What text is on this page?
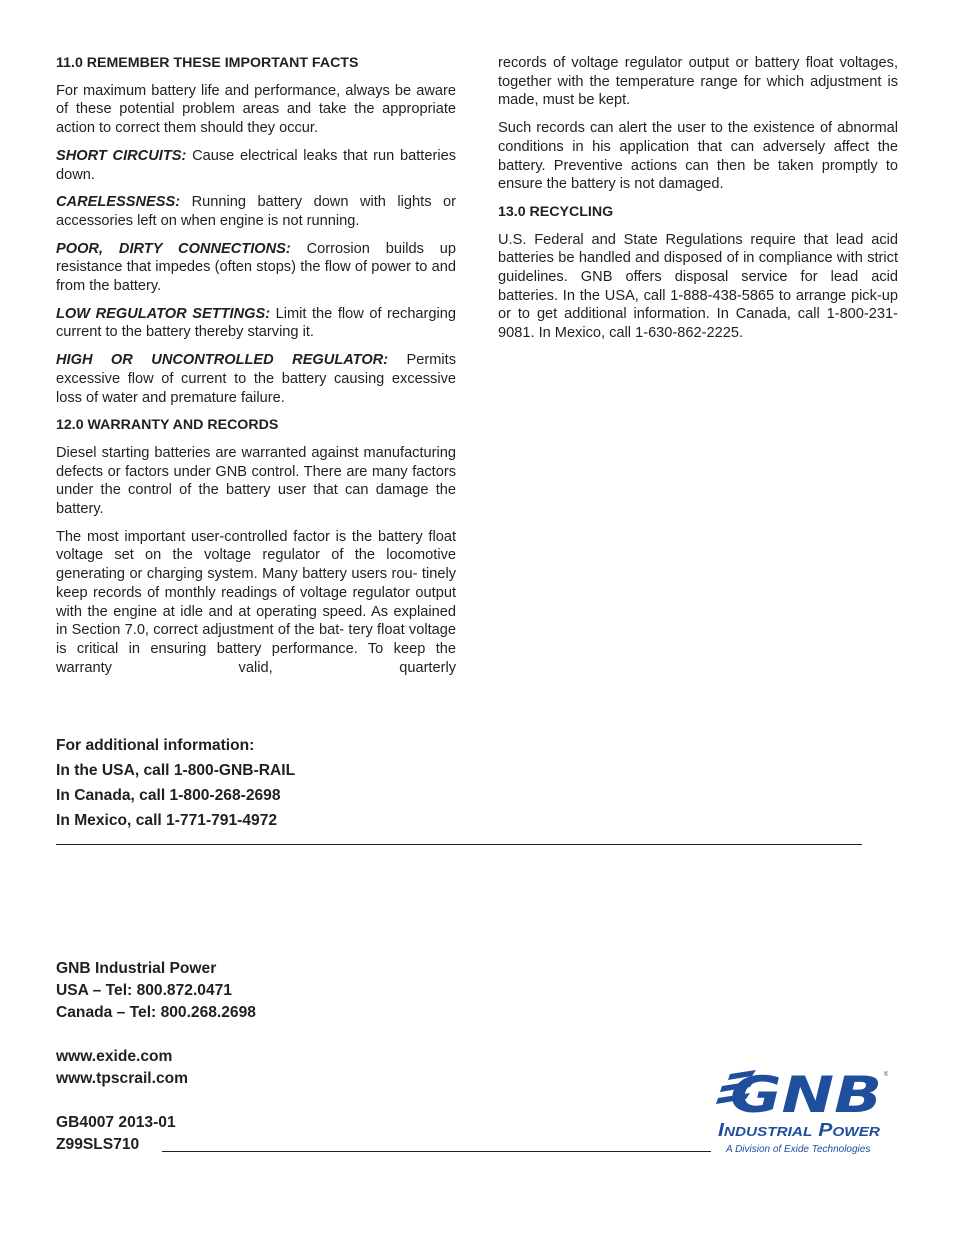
11.0 REMEMBER THESE IMPORTANT FACTS
For maximum battery life and performance, always be aware of these potential problem areas and take the appropriate action to correct them should they occur.
SHORT CIRCUITS: Cause electrical leaks that run batteries down.
CARELESSNESS: Running battery down with lights or accessories left on when engine is not running.
POOR, DIRTY CONNECTIONS: Corrosion builds up resistance that impedes (often stops) the flow of power to and from the battery.
LOW REGULATOR SETTINGS: Limit the flow of recharging current to the battery thereby starving it.
HIGH OR UNCONTROLLED REGULATOR: Permits excessive flow of current to the battery causing excessive loss of water and premature failure.
12.0 WARRANTY AND RECORDS
Diesel starting batteries are warranted against manufacturing defects or factors under GNB control. There are many factors under the control of the battery user that can damage the battery.
The most important user-controlled factor is the battery float voltage set on the voltage regulator of the locomotive generating or charging system. Many battery users rou- tinely keep records of monthly readings of voltage regulator output with the engine at idle and at operating speed. As explained in Section 7.0, correct adjustment of the bat- tery float voltage is critical in ensuring battery performance. To keep the warranty valid, quarterly
records of voltage regulator output or battery float voltages, together with the temperature range for which adjustment is made, must be kept.
Such records can alert the user to the existence of abnormal conditions in his application that can adversely affect the battery. Preventive actions can then be taken promptly to ensure the battery is not damaged.
13.0 RECYCLING
U.S. Federal and State Regulations require that lead acid batteries be handled and disposed of in compliance with strict guidelines. GNB offers disposal service for lead acid batteries. In the USA, call 1-888-438-5865 to arrange pick-up or to get additional information. In Canada, call 1-800-231-9081. In Mexico, call 1-630-862-2225.
For additional information:
In the USA, call 1-800-GNB-RAIL
In Canada, call 1-800-268-2698
In Mexico, call 1-771-791-4972
GNB Industrial Power
USA – Tel: 800.872.0471
Canada – Tel: 800.268.2698
www.exide.com
www.tpscrail.com
GB4007 2013-01
Z99SLS710
GNB ®
Industrial Power
A Division of Exide Technologies
